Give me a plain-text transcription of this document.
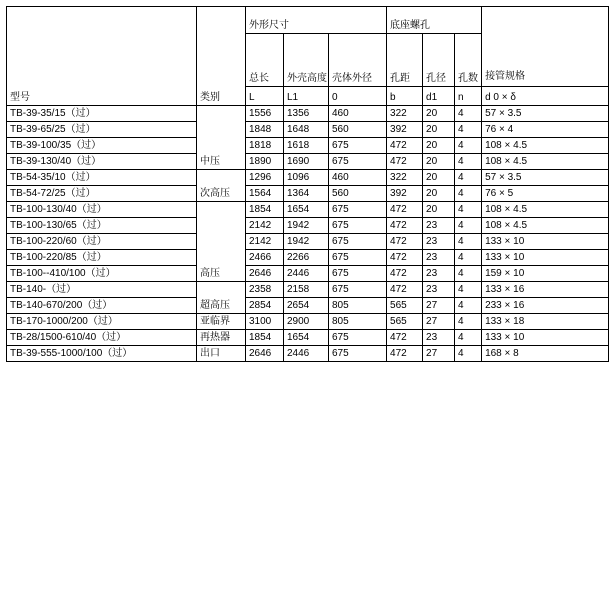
型号	类别	外形尺寸			底座螺孔			接管规格
		总长	外壳高度	壳体外径	孔距	孔径	孔数	
		L	L1	0	b	d1	n	d 0 × δ
TB-39-35/15（过）	中压	1556	1356	460	322	20	4	57 × 3.5
TB-39-65/25（过）		1848	1648	560	392	20	4	76 × 4
TB-39-100/35（过）		1818	1618	675	472	20	4	108 × 4.5
TB-39-130/40（过）		1890	1690	675	472	20	4	108 × 4.5
TB-54-35/10（过）	次高压	1296	1096	460	322	20	4	57 × 3.5
TB-54-72/25（过）		1564	1364	560	392	20	4	76 × 5
TB-100-130/40（过）	高压	1854	1654	675	472	20	4	108 × 4.5
TB-100-130/65（过）		2142	1942	675	472	23	4	108 × 4.5
TB-100-220/60（过）		2142	1942	675	472	23	4	133 × 10
TB-100-220/85（过）		2466	2266	675	472	23	4	133 × 10
TB-100--410/100（过）		2646	2446	675	472	23	4	159 × 10
TB-140-（过）	超高压	2358	2158	675	472	23	4	133 × 16
TB-140-670/200（过）		2854	2654	805	565	27	4	233 × 16
TB-170-1000/200（过）	亚临界	3100	2900	805	565	27	4	133 × 18
TB-28/1500-610/40（过）	再热器	1854	1654	675	472	23	4	133 × 10
TB-39-555-1000/100（过）	出口	2646	2446	675	472	27	4	168 × 8
